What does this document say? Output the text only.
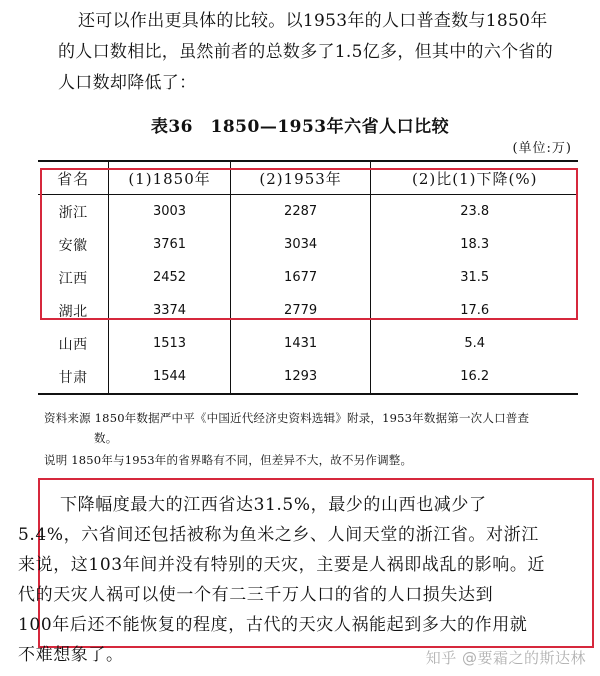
还可以作出更具体的比较。以1953年的人口普查数与1850年
的人口数相比，虽然前者的总数多了1.5亿多，但其中的六个省的
人口数却降低了：
表36　1850—1953年六省人口比较
(单位:万)
省名	(1)1850年	(2)1953年	(2)比(1)下降(%)
浙江	3003	2287	23.8
安徽	3761	3034	18.3
江西	2452	1677	31.5
湖北	3374	2779	17.6
山西	1513	1431	5.4
甘肃	1544	1293	16.2
资料来源 1850年数据严中平《中国近代经济史资料选辑》附录，1953年数据第一次人口普查
数。
说明 1850年与1953年的省界略有不同，但差异不大，故不另作调整。
下降幅度最大的江西省达31.5%，最少的山西也减少了
5.4%，六省间还包括被称为鱼米之乡、人间天堂的浙江省。对浙江
来说，这103年间并没有特别的天灾，主要是人祸即战乱的影响。近
代的天灾人祸可以使一个有二三千万人口的省的人口损失达到
100年后还不能恢复的程度，古代的天灾人祸能起到多大的作用就
不难想象了。	知乎 @要霜之的斯达林
